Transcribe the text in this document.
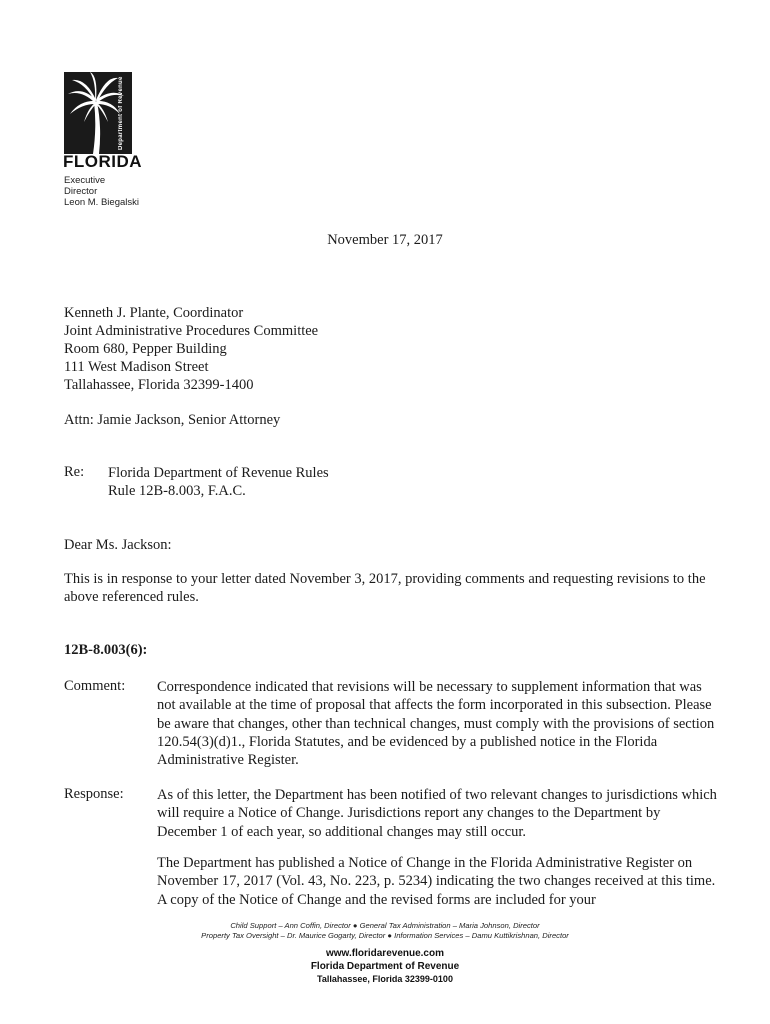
Department of Revenue
FLORIDA
Executive
Director
Leon M. Biegalski
November 17, 2017
Kenneth J. Plante, Coordinator
Joint Administrative Procedures Committee
Room 680, Pepper Building
111 West Madison Street
Tallahassee, Florida 32399-1400
Attn: Jamie Jackson, Senior Attorney
Re: Florida Department of Revenue Rules
Rule 12B-8.003, F.A.C.
Dear Ms. Jackson:
This is in response to your letter dated November 3, 2017, providing comments and requesting revisions to the above referenced rules.
12B-8.003(6):
Comment: Correspondence indicated that revisions will be necessary to supplement information that was not available at the time of proposal that affects the form incorporated in this subsection. Please be aware that changes, other than technical changes, must comply with the provisions of section 120.54(3)(d)1., Florida Statutes, and be evidenced by a published notice in the Florida Administrative Register.
Response: As of this letter, the Department has been notified of two relevant changes to jurisdictions which will require a Notice of Change. Jurisdictions report any changes to the Department by December 1 of each year, so additional changes may still occur.
The Department has published a Notice of Change in the Florida Administrative Register on November 17, 2017 (Vol. 43, No. 223, p. 5234) indicating the two changes received at this time. A copy of the Notice of Change and the revised forms are included for your
Child Support – Ann Coffin, Director ● General Tax Administration – Maria Johnson, Director
Property Tax Oversight – Dr. Maurice Gogarty, Director ● Information Services – Damu Kuttikrishnan, Director
www.floridarevenue.com
Florida Department of Revenue
Tallahassee, Florida 32399-0100
